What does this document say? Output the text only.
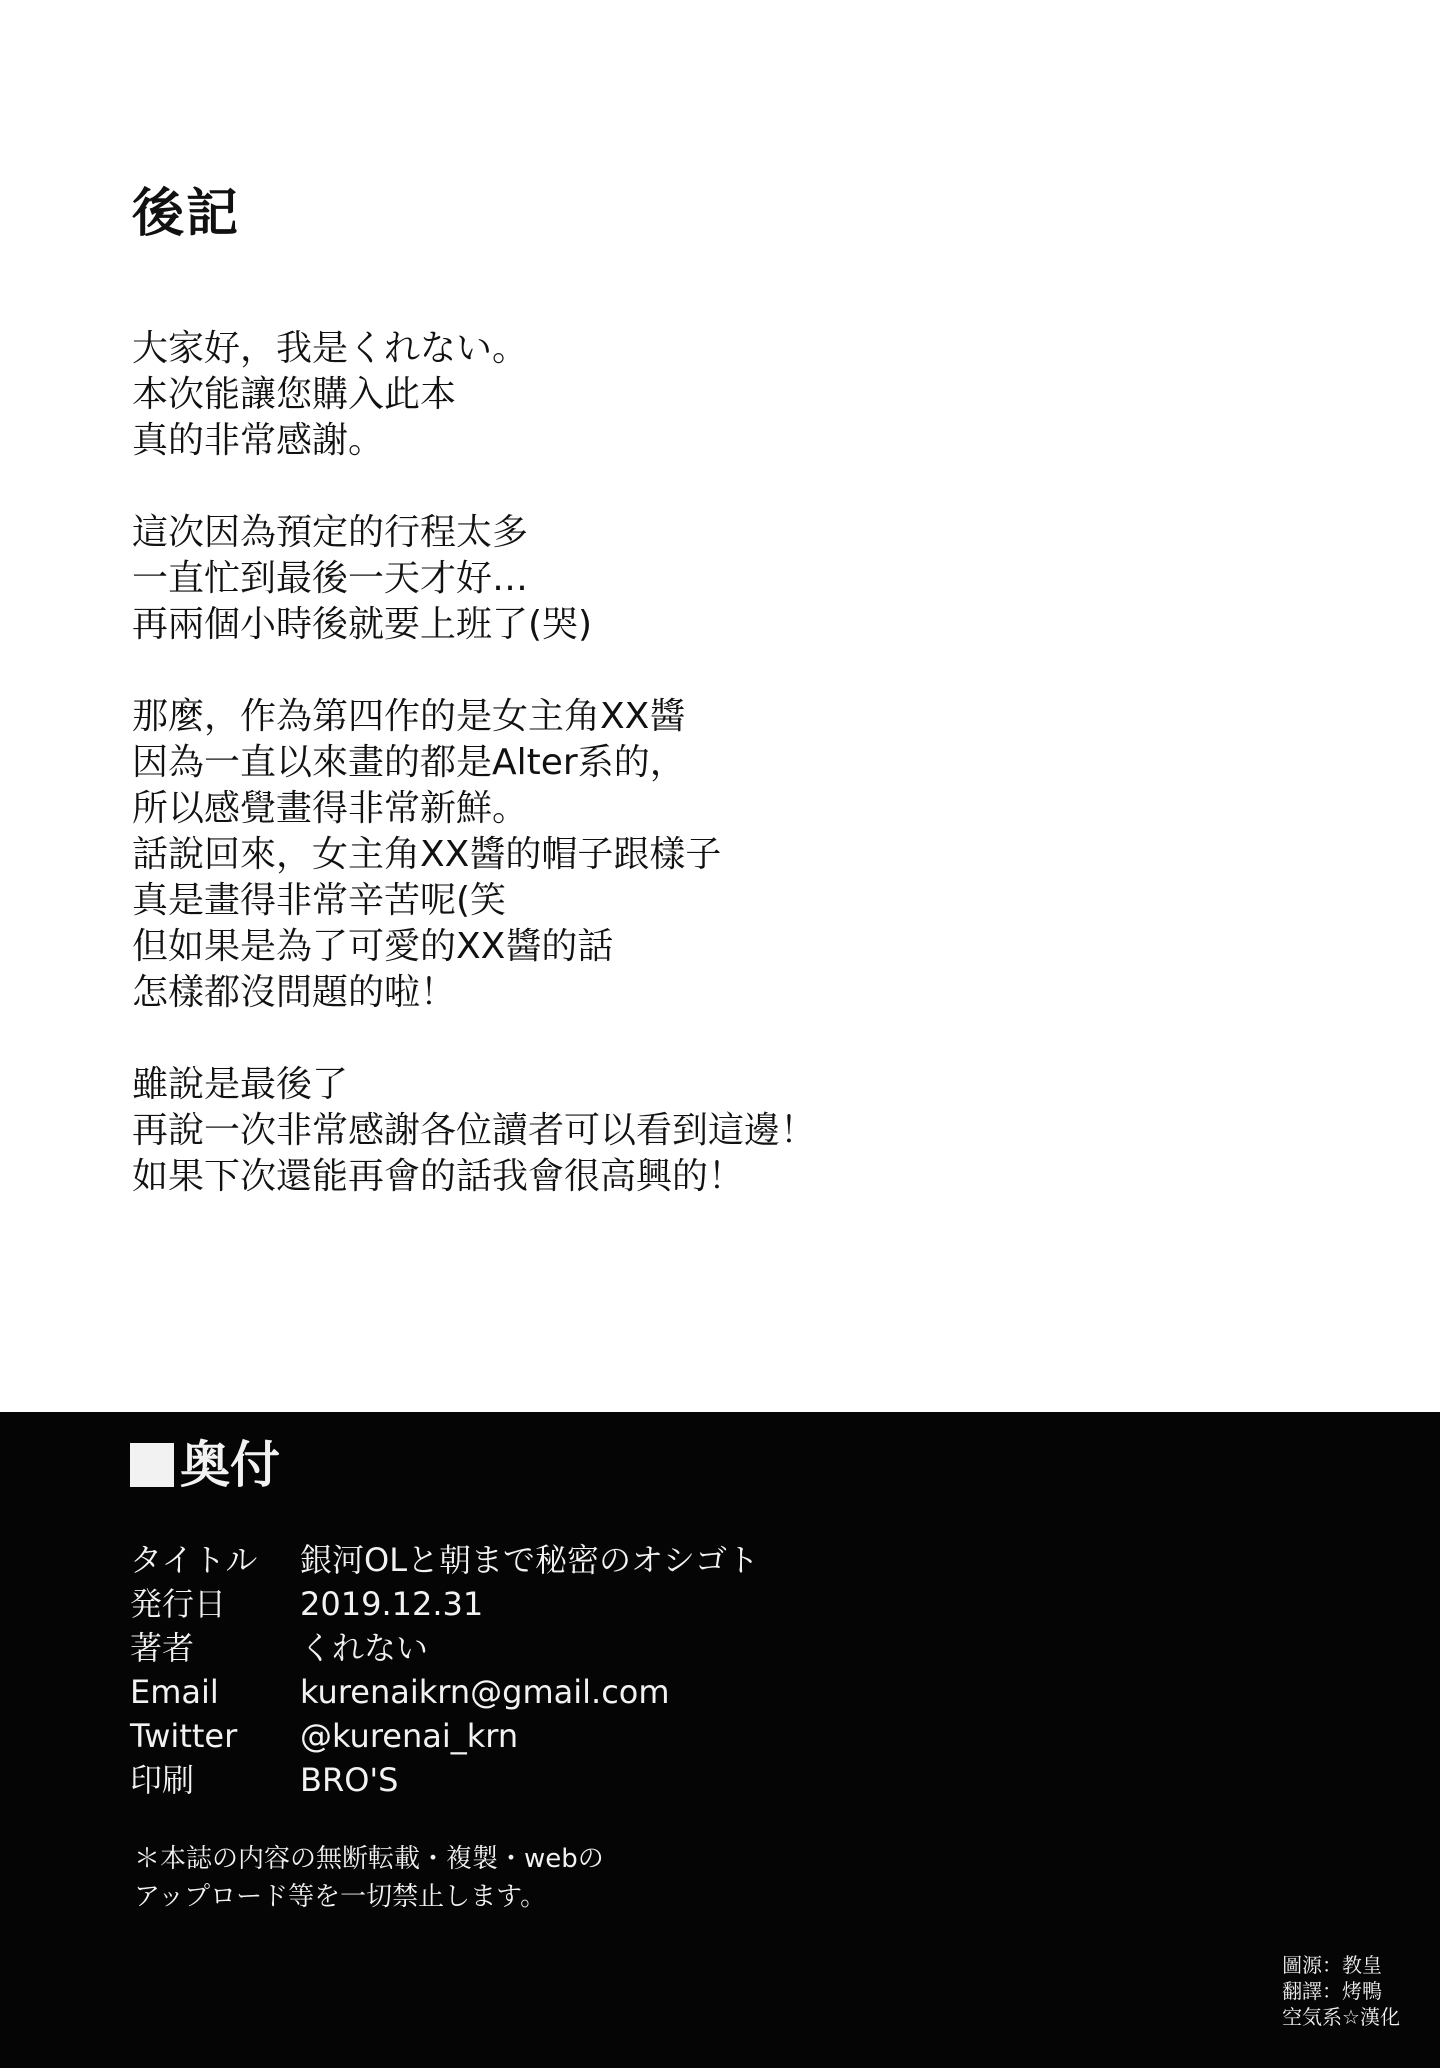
後記
大家好，我是くれない。
本次能讓您購入此本
真的非常感謝。
這次因為預定的行程太多
一直忙到最後一天才好…
再兩個小時後就要上班了(哭)
那麼，作為第四作的是女主角XX醬
因為一直以來畫的都是Alter系的，
所以感覺畫得非常新鮮。
話說回來，女主角XX醬的帽子跟樣子
真是畫得非常辛苦呢(笑
但如果是為了可愛的XX醬的話
怎樣都沒問題的啦！
雖說是最後了
再說一次非常感謝各位讀者可以看到這邊！
如果下次還能再會的話我會很高興的！
奥付
タイトル	銀河OLと朝まで秘密のオシゴト
発行日	2019.12.31
著者	くれない
Email	kurenaikrn@gmail.com
Twitter	@kurenai_krn
印刷	BRO'S
＊本誌の内容の無断転載・複製・webの
アップロード等を一切禁止します。
圖源：教皇
翻譯：烤鴨
空気系☆漢化
